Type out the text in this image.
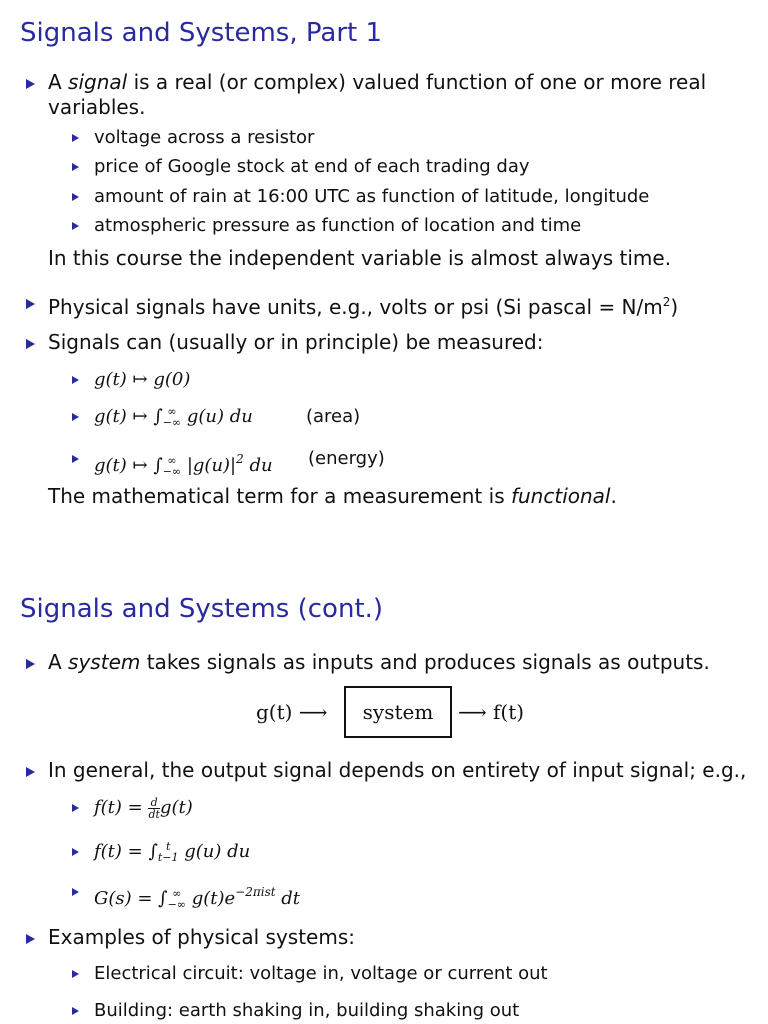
Signals and Systems, Part 1
A signal is a real (or complex) valued function of one or more real
variables.
voltage across a resistor
price of Google stock at end of each trading day
amount of rain at 16:00 UTC as function of latitude, longitude
atmospheric pressure as function of location and time
In this course the independent variable is almost always time.
Physical signals have units, e.g., volts or psi (Si pascal = $N/m^2$)
Signals can (usually or in principle) be measured:
g(t) ↦ g(0)
g(t) ↦ ∫ ∞
−∞ g(u) du	(area)
g(t) ↦ ∫ ∞
−∞ $|g(u)|^2$ du (energy)
The mathematical term for a measurement is functional.
Signals and Systems (cont.)
A system takes signals as inputs and produces signals as outputs.
g(t) ⟶ system ⟶ f(t)
In general, the output signal depends on entirety of input signal; e.g.,
$f(t) = \frac{d}{dt} g(t)$
f(t) = ∫ t
t−1 g(u) du
G(s) = ∫ ∞
−∞ $g(t)e^{-2\pi ist}$ dt
Examples of physical systems:
Electrical circuit: voltage in, voltage or current out
Building: earth shaking in, building shaking out
